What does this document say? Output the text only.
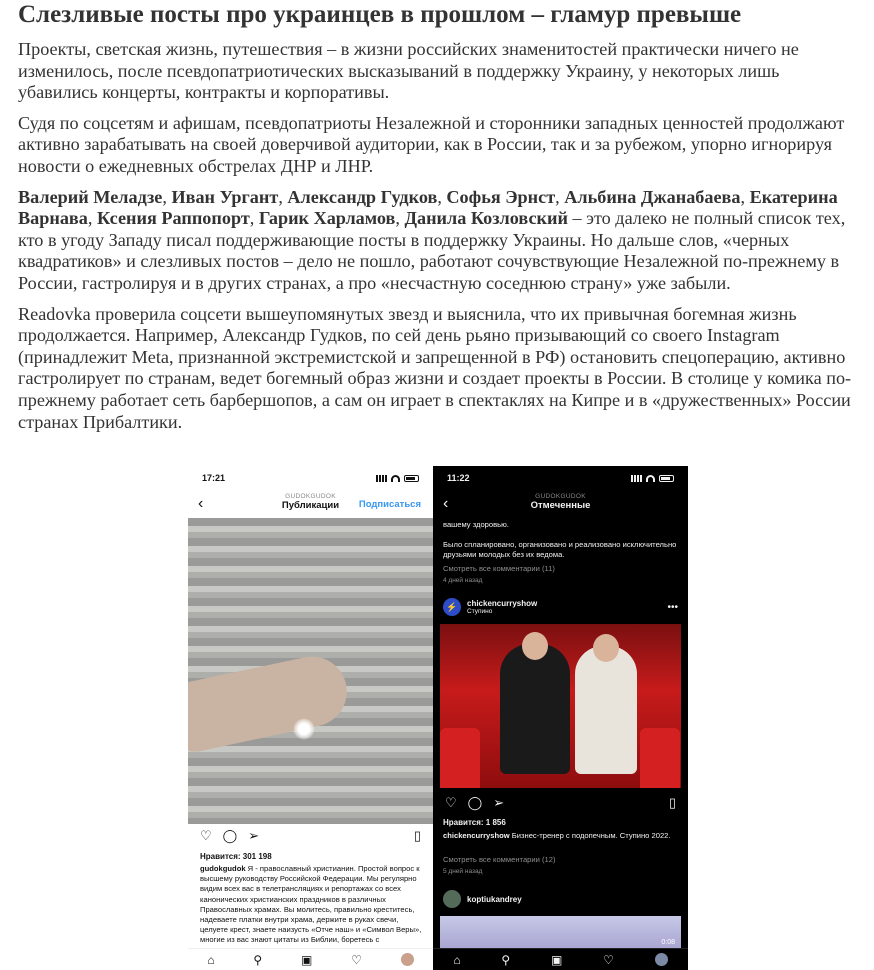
Слезливые посты про украинцев в прошлом – гламур превыше

Проекты, светская жизнь, путешествия – в жизни российских знаменитостей практически ничего не изменилось, после псевдопатриотических высказываний в поддержку Украину, у некоторых лишь убавились концерты, контракты и корпоративы.

Судя по соцсетям и афишам, псевдопатриоты Незалежной и сторонники западных ценностей продолжают активно зарабатывать на своей доверчивой аудитории, как в России, так и за рубежом, упорно игнорируя новости о ежедневных обстрелах ДНР и ЛНР.

Валерий Меладзе, Иван Ургант, Александр Гудков, Софья Эрнст, Альбина Джанабаева, Екатерина Варнава, Ксения Раппопорт, Гарик Харламов, Данила Козловский – это далеко не полный список тех, кто в угоду Западу писал поддерживающие посты в поддержку Украины. Но дальше слов, «черных квадратиков» и слезливых постов – дело не пошло, работают сочувствующие Незалежной по-прежнему в России, гастролируя и в других странах, а про «несчастную соседнюю страну» уже забыли.

Readovka проверила соцсети вышеупомянутых звезд и выяснила, что их привычная богемная жизнь продолжается. Например, Александр Гудков, по сей день рьяно призывающий со своего Instagram (принадлежит Meta, признанной экстремистской и запрещенной в РФ) остановить спецоперацию, активно гастролирует по странам, ведет богемный образ жизни и создает проекты в России. В столице у комика по-прежнему работает сеть барбершопов, а сам он играет в спектаклях на Кипре и в «дружественных» России странах Прибалтики.

17:21
‹	GUDOKGUDOK
Публикации	Подписаться
♡ ◯ ➢	▯
Нравится: 301 198
gudokgudok Я - православный христианин. Простой вопрос к высшему руководству Российской Федерации. Мы регулярно видим всех вас в телетрансляциях и репортажах со всех канонических христианских праздников в различных Православных храмах. Вы молитесь, правильно креститесь, надеваете платки внутри храма, держите в руках свечи, целуете крест, знаете наизусть «Отче наш» и «Символ Веры», многие из вас знают цитаты из Библии, боретесь с
⌂	⚲	▣	♡
11:22
‹	GUDOKGUDOK
Отмеченные
вашему здоровью.
Было спланировано, организовано и реализовано исключительно друзьями молодых без их ведома.
Смотреть все комментарии (11)
4 дней назад
⚡	chickencurryshow
Ступино	•••
♡ ◯ ➢	▯
Нравится: 1 856
chickencurryshow Бизнес-тренер с подопечным. Ступино 2022.
Смотреть все комментарии (12)
5 дней назад
koptiukandrey
0:08
⌂	⚲	▣	♡
